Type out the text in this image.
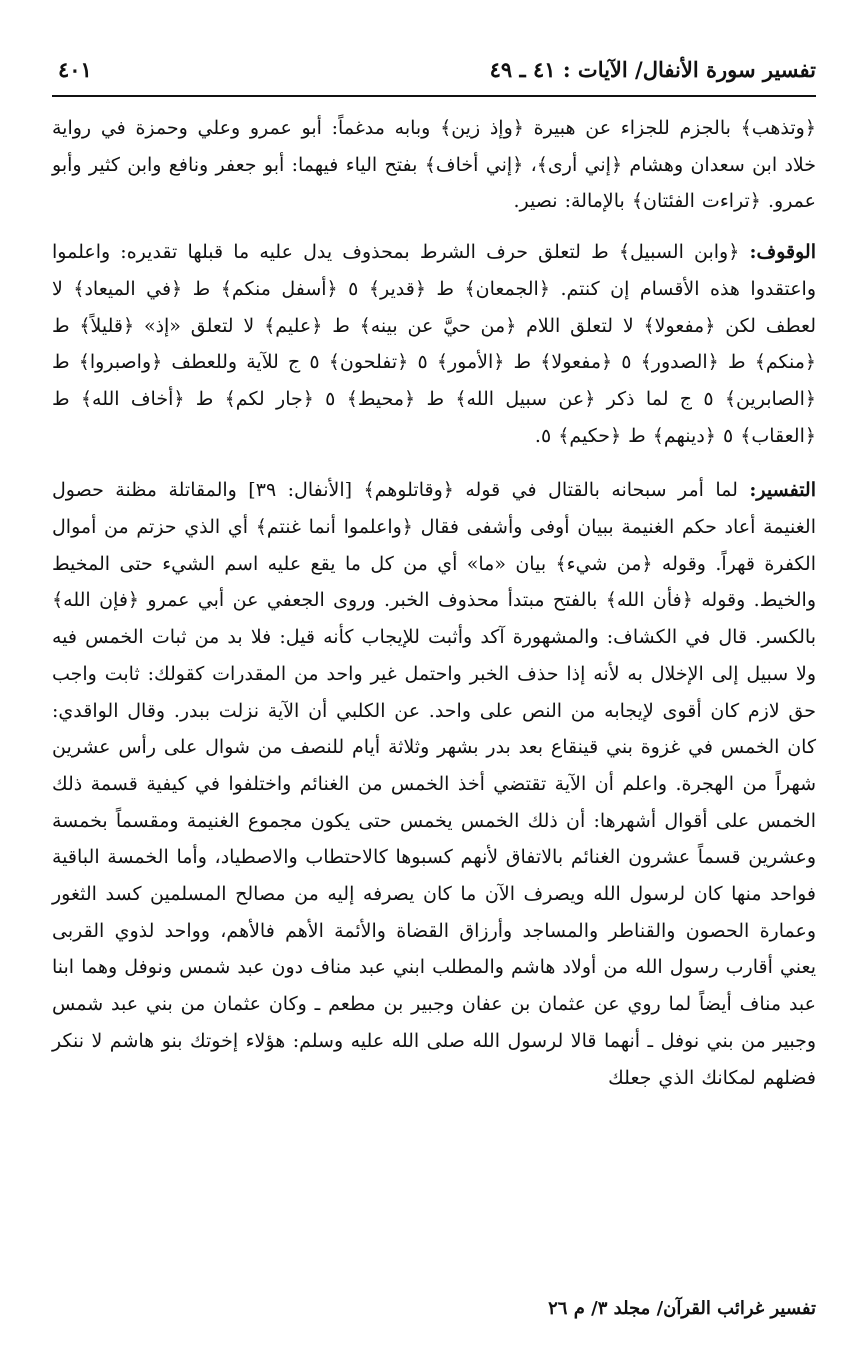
تفسير سورة الأنفال/ الآيات : ٤١ ـ ٤٩
٤٠١

﴿وتذهب﴾ بالجزم للجزاء عن هبيرة ﴿وإذ زين﴾ وبابه مدغماً: أبو عمرو وعلي وحمزة في رواية خلاد ابن سعدان وهشام ﴿إني أرى﴾، ﴿إني أخاف﴾ بفتح الياء فيهما: أبو جعفر ونافع وابن كثير وأبو عمرو. ﴿تراءت الفئتان﴾ بالإمالة: نصير.

الوقوف: ﴿وابن السبيل﴾ ط لتعلق حرف الشرط بمحذوف يدل عليه ما قبلها تقديره: واعلموا واعتقدوا هذه الأقسام إن كنتم. ﴿الجمعان﴾ ط ﴿قدير﴾ ٥ ﴿أسفل منكم﴾ ط ﴿في الميعاد﴾ لا لعطف لكن ﴿مفعولا﴾ لا لتعلق اللام ﴿من حيَّ عن بينه﴾ ط ﴿عليم﴾ لا لتعلق «إذ» ﴿قليلاً﴾ ط ﴿منكم﴾ ط ﴿الصدور﴾ ٥ ﴿مفعولا﴾ ط ﴿الأمور﴾ ٥ ﴿تفلحون﴾ ٥ ج للآية وللعطف ﴿واصبروا﴾ ط ﴿الصابرين﴾ ٥ ج لما ذكر ﴿عن سبيل الله﴾ ط ﴿محيط﴾ ٥ ﴿جار لكم﴾ ط ﴿أخاف الله﴾ ط ﴿العقاب﴾ ٥ ﴿دينهم﴾ ط ﴿حكيم﴾ ٥.

التفسير: لما أمر سبحانه بالقتال في قوله ﴿وقاتلوهم﴾ [الأنفال: ٣٩] والمقاتلة مظنة حصول الغنيمة أعاد حكم الغنيمة ببيان أوفى وأشفى فقال ﴿واعلموا أنما غنتم﴾ أي الذي حزتم من أموال الكفرة قهراً. وقوله ﴿من شيء﴾ بيان «ما» أي من كل ما يقع عليه اسم الشيء حتى المخيط والخيط. وقوله ﴿فأن الله﴾ بالفتح مبتدأ محذوف الخبر. وروى الجعفي عن أبي عمرو ﴿فإن الله﴾ بالكسر. قال في الكشاف: والمشهورة آكد وأثبت للإيجاب كأنه قيل: فلا بد من ثبات الخمس فيه ولا سبيل إلى الإخلال به لأنه إذا حذف الخبر واحتمل غير واحد من المقدرات كقولك: ثابت واجب حق لازم كان أقوى لإيجابه من النص على واحد. عن الكلبي أن الآية نزلت ببدر. وقال الواقدي: كان الخمس في غزوة بني قينقاع بعد بدر بشهر وثلاثة أيام للنصف من شوال على رأس عشرين شهراً من الهجرة. واعلم أن الآية تقتضي أخذ الخمس من الغنائم واختلفوا في كيفية قسمة ذلك الخمس على أقوال أشهرها: أن ذلك الخمس يخمس حتى يكون مجموع الغنيمة ومقسماً بخمسة وعشرين قسماً عشرون الغنائم بالاتفاق لأنهم كسبوها كالاحتطاب والاصطياد، وأما الخمسة الباقية فواحد منها كان لرسول الله ويصرف الآن ما كان يصرفه إليه من مصالح المسلمين كسد الثغور وعمارة الحصون والقناطر والمساجد وأرزاق القضاة والأئمة الأهم فالأهم، وواحد لذوي القربى يعني أقارب رسول الله من أولاد هاشم والمطلب ابني عبد مناف دون عبد شمس ونوفل وهما ابنا عبد مناف أيضاً لما روي عن عثمان بن عفان وجبير بن مطعم ـ وكان عثمان من بني عبد شمس وجبير من بني نوفل ـ أنهما قالا لرسول الله صلى الله عليه وسلم: هؤلاء إخوتك بنو هاشم لا ننكر فضلهم لمكانك الذي جعلك

تفسير غرائب القرآن/ مجلد ٣/ م ٢٦
